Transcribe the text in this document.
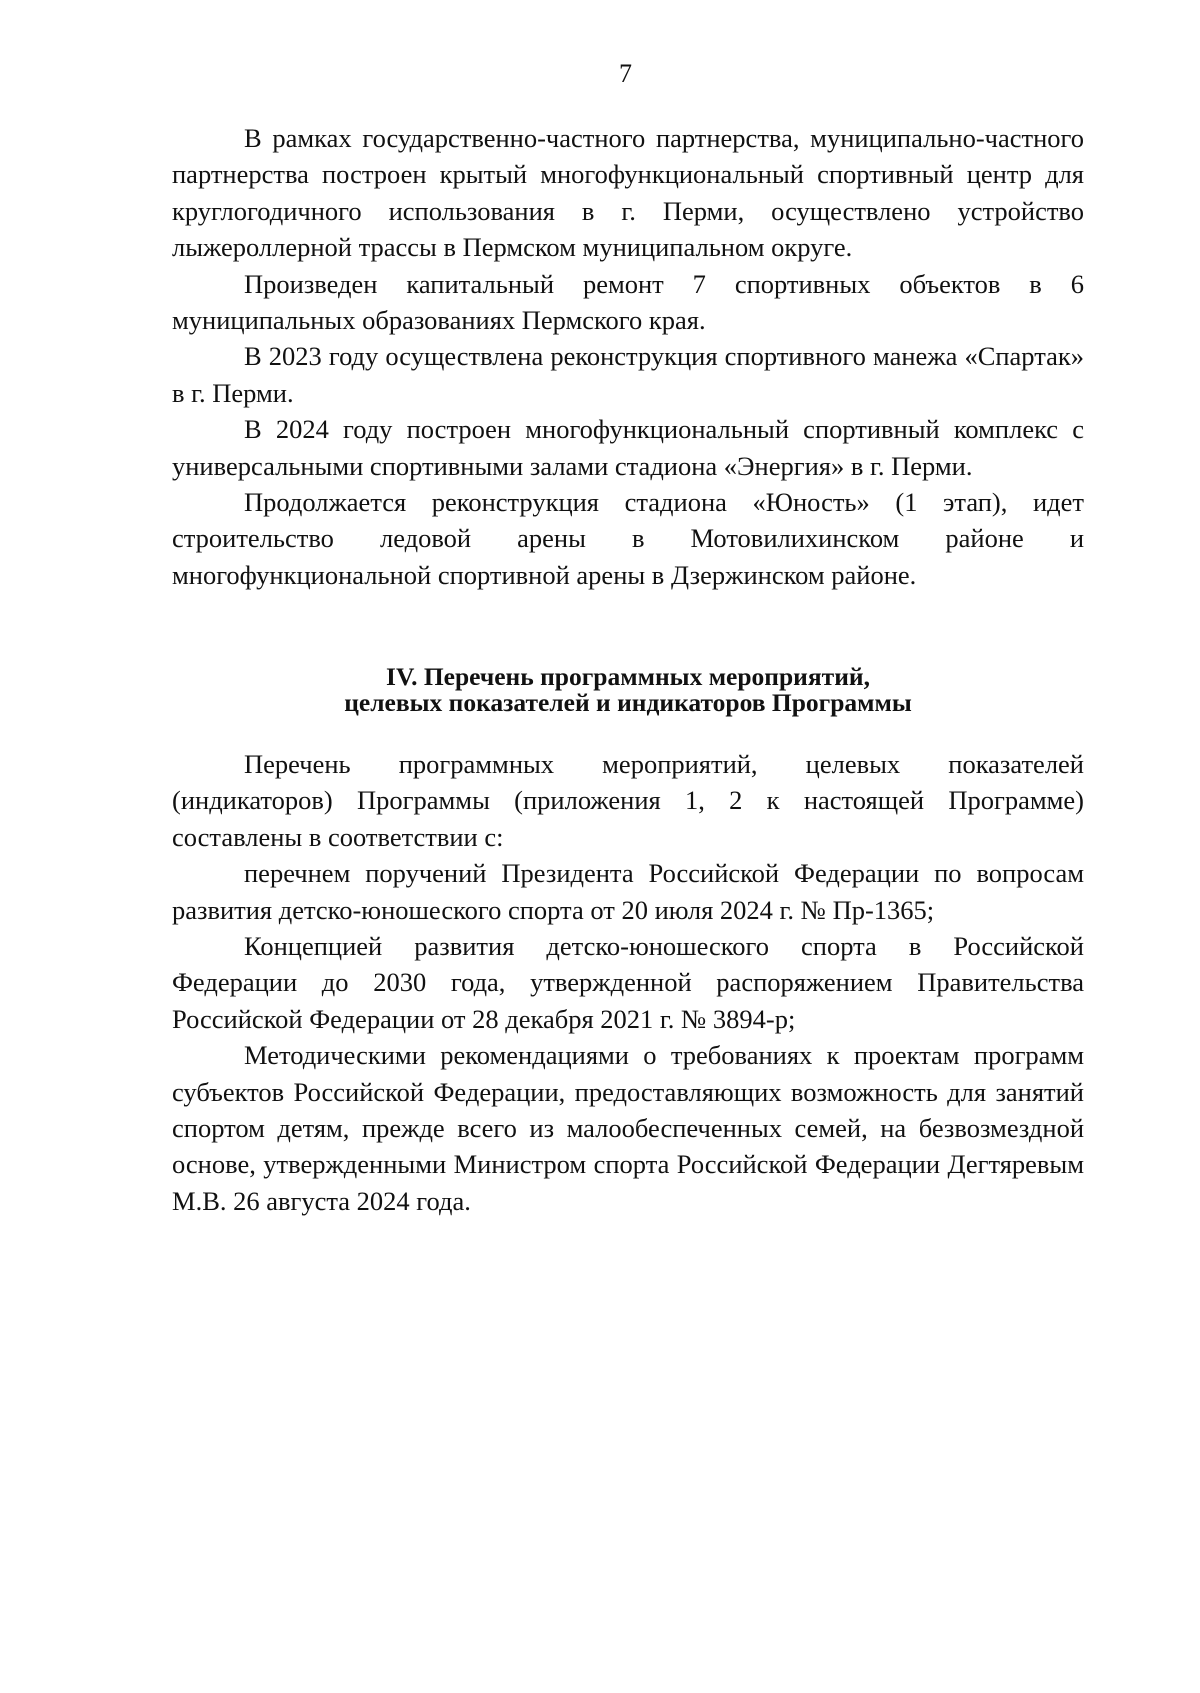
7

В рамках государственно-частного партнерства, муниципально-частного партнерства построен крытый многофункциональный спортивный центр для круглогодичного использования в г. Перми, осуществлено устройство лыжероллерной трассы в Пермском муниципальном округе.

Произведен капитальный ремонт 7 спортивных объектов в 6 муниципальных образованиях Пермского края.

В 2023 году осуществлена реконструкция спортивного манежа «Спартак» в г. Перми.

В 2024 году построен многофункциональный спортивный комплекс с универсальными спортивными залами стадиона «Энергия» в г. Перми.

Продолжается реконструкция стадиона «Юность» (1 этап), идет строительство ледовой арены в Мотовилихинском районе и многофункциональной спортивной арены в Дзержинском районе.

IV. Перечень программных мероприятий,
целевых показателей и индикаторов Программы

Перечень программных мероприятий, целевых показателей (индикаторов) Программы (приложения 1, 2 к настоящей Программе) составлены в соответствии с:

перечнем поручений Президента Российской Федерации по вопросам развития детско-юношеского спорта от 20 июля 2024 г. № Пр-1365;

Концепцией развития детско-юношеского спорта в Российской Федерации до 2030 года, утвержденной распоряжением Правительства Российской Федерации от 28 декабря 2021 г. № 3894-р;

Методическими рекомендациями о требованиях к проектам программ субъектов Российской Федерации, предоставляющих возможность для занятий спортом детям, прежде всего из малообеспеченных семей, на безвозмездной основе, утвержденными Министром спорта Российской Федерации Дегтяревым М.В. 26 августа 2024 года.
